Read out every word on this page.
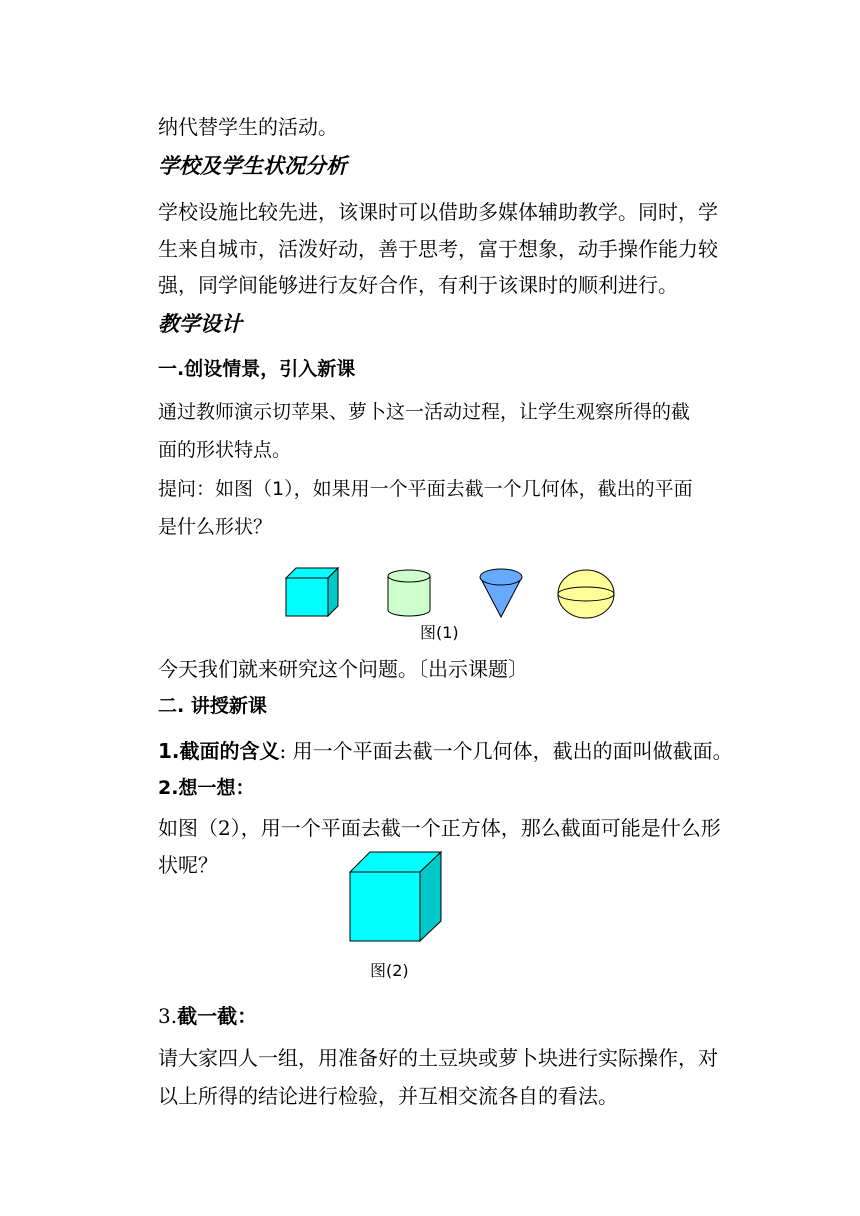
纳代替学生的活动。
学校及学生状况分析
学校设施比较先进，该课时可以借助多媒体辅助教学。同时，学
生来自城市，活泼好动，善于思考，富于想象，动手操作能力较
强，同学间能够进行友好合作，有利于该课时的顺利进行。
教学设计
一.创设情景，引入新课
通过教师演示切苹果、萝卜这一活动过程，让学生观察所得的截
面的形状特点。
提问：如图（1），如果用一个平面去截一个几何体，截出的平面
是什么形状？
图(1)
今天我们就来研究这个问题。〔出示课题〕
二. 讲授新课
1.截面的含义: 用一个平面去截一个几何体，截出的面叫做截面。
2.想一想：
如图（2），用一个平面去截一个正方体，那么截面可能是什么形
状呢？
图(2)
3.截一截：
请大家四人一组，用准备好的土豆块或萝卜块进行实际操作，对
以上所得的结论进行检验，并互相交流各自的看法。
